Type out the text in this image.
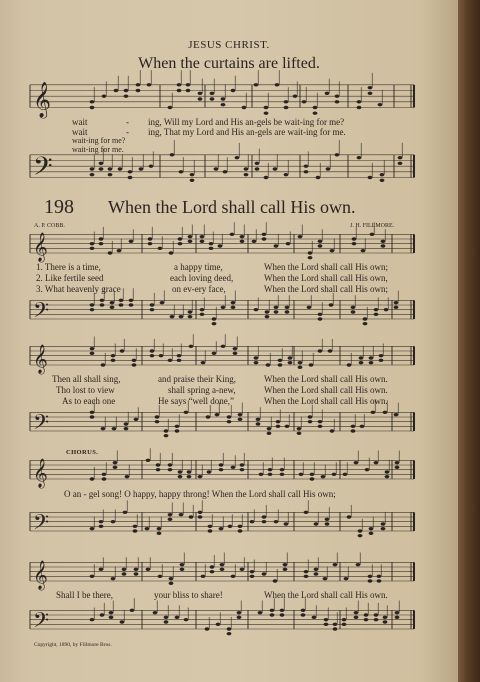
JESUS CHRIST.
When the curtains are lifted.
𝄞
wait	- ing, Will my Lord and His an-gels be wait-ing for me?
wait	- ing, That my Lord and His an-gels are wait-ing for me.
wait-ing for me?
wait-ing for me.
𝄢
198 When the Lord shall call His own.
A. P. COBB.	J. H. FILLMORE.
𝄞
1. There is a time,	a happy time,	When the Lord shall call His own;
2. Like fertile seed	each loving deed,	When the Lord shall call His own,
3. What heavenly grace	on ev-ery face,	When the Lord shall call His own;
𝄢
𝄞
Then all shall sing,	and praise their King,	When the Lord shall call His own.
Tho lost to view	shall spring a-new,	When the Lord shall call His own.
As to each one	He says “well done,”	When the Lord shall call His own.
𝄢
CHORUS.
𝄞
O an - gel song! O happy, happy throng! When the Lord shall call His own;
𝄢
𝄞
Shall I be there,	your bliss to share!	When the Lord shall call His own.
𝄢
Copyright, 1890, by Fillmore Bros.
